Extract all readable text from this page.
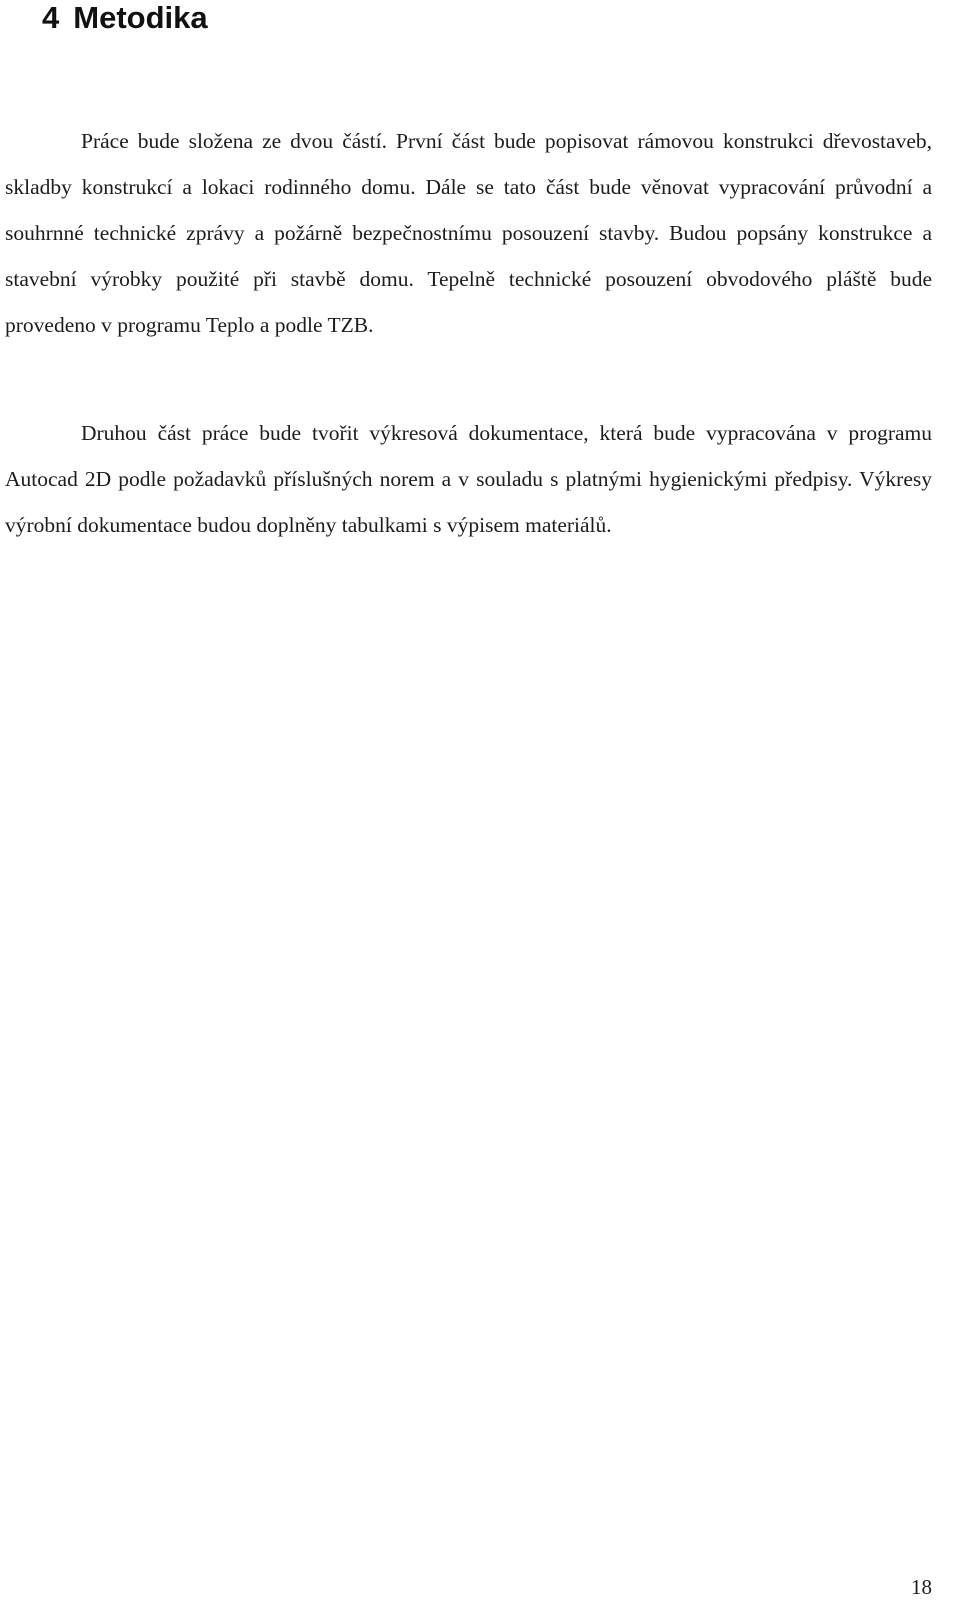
4 Metodika

Práce bude složena ze dvou částí. První část bude popisovat rámovou konstrukci dřevostaveb, skladby konstrukcí a lokaci rodinného domu. Dále se tato část bude věnovat vypracování průvodní a souhrnné technické zprávy a požárně bezpečnostnímu posouzení stavby. Budou popsány konstrukce a stavební výrobky použité při stavbě domu. Tepelně technické posouzení obvodového pláště bude provedeno v programu Teplo a podle TZB.

Druhou část práce bude tvořit výkresová dokumentace, která bude vypracována v programu Autocad 2D podle požadavků příslušných norem a v souladu s platnými hygienickými předpisy. Výkresy výrobní dokumentace budou doplněny tabulkami s výpisem materiálů.

18
